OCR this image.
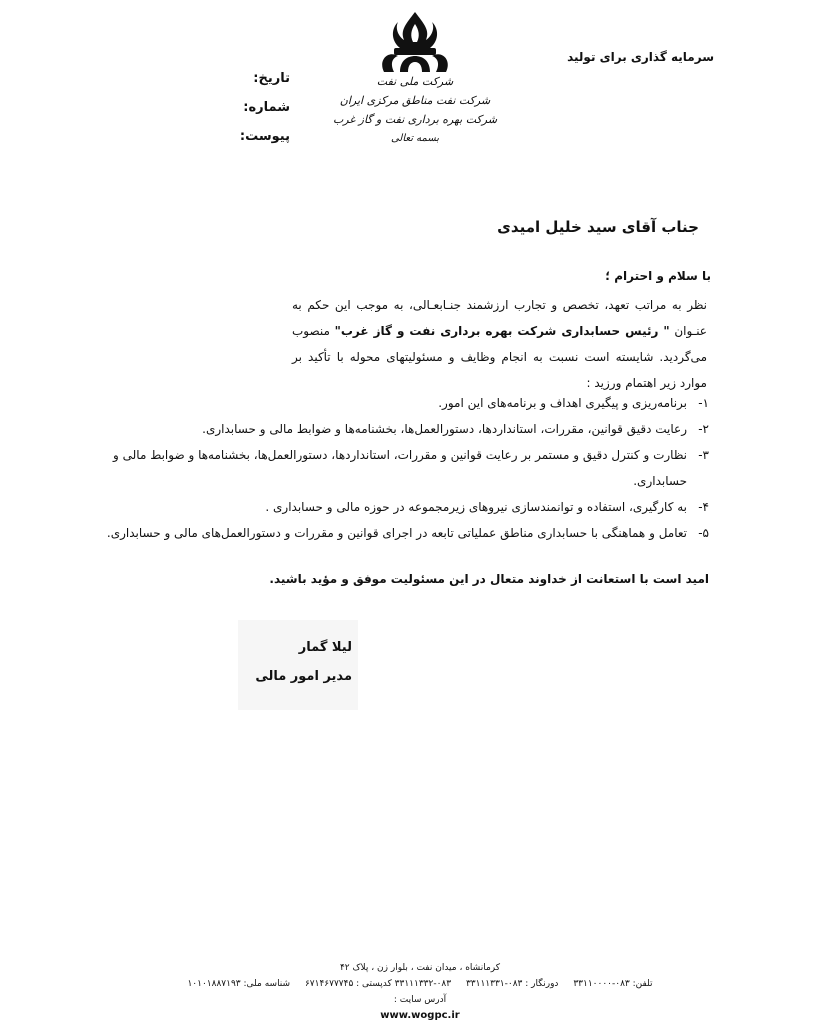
سرمایه گذاری برای تولید
شرکت ملی نفت
شرکت نفت مناطق مرکزی ایران
شرکت بهره برداری نفت و گاز غرب
بسمه تعالی
تاریخ:
شماره:
پیوست:
جناب آقای سید خلیل امیدی
با سلام و احترام ؛
نظر به مراتب تعهد، تخصص و تجارب ارزشمند جنـابعـالی، به موجب این حکم به عنـوان " رئیس حسابداری شرکت بهره برداری نفت و گاز غرب" منصوب می‌گردید. شایسته است نسبت به انجام وظایف و مسئولیتهای محوله با تأکید بر موارد زیر اهتمام ورزید :
۱-
برنامه‌ریزی و پیگیری اهداف و برنامه‌های این امور.
۲-
رعایت دقیق قوانین، مقررات، استانداردها، دستورالعمل‌ها، بخشنامه‌ها و ضوابط مالی و حسابداری.
۳-
نظارت و کنترل دقیق و مستمر بر رعایت قوانین و مقررات، استانداردها، دستورالعمل‌ها، بخشنامه‌ها و ضوابط مالی و حسابداری.
۴-
به کارگیری، استفاده و توانمندسازی نیروهای زیرمجموعه در حوزه مالی و حسابداری .
۵-
تعامل و هماهنگی با حسابداری مناطق عملیاتی تابعه در اجرای قوانین و مقررات و دستورالعمل‌های مالی و حسابداری.
امید است با استعانت از خداوند متعال در این مسئولیت موفق و مؤید باشید.
لیلا گمار
مدیر امور مالی
کرمانشاه ، میدان نفت ، بلوار زن ، پلاک ۴۲
تلفن: ۰۸۳-۳۳۱۱۰۰۰۰ دورنگار : ۰۸۳-۳۳۱۱۱۳۳۱ ۰۸۳-۳۳۱۱۱۳۳۲ کدپستی : ۶۷۱۴۶۷۷۷۴۵ شناسه ملی: ۱۰۱۰۱۸۸۷۱۹۳
آدرس سایت :
www.wogpc.ir
